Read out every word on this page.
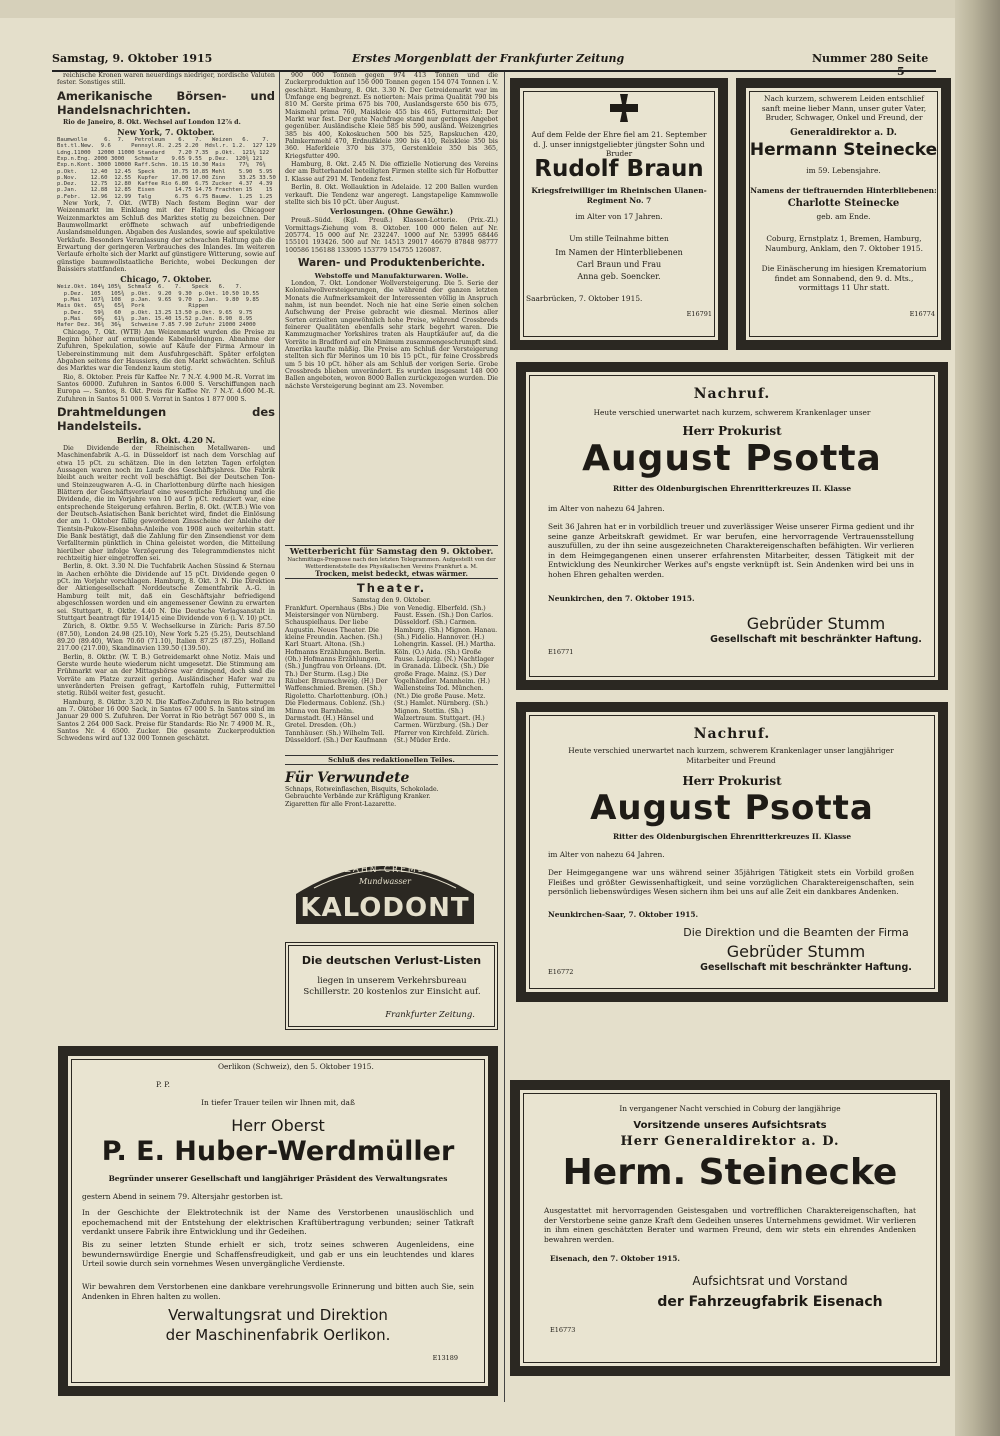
Samstag, 9. Oktober 1915	Erstes Morgenblatt der Frankfurter Zeitung	Nummer 280 Seite 5

reichische Kronen waren neuerdings niedriger, nordische Valuten fester. Sonstiges still.

Amerikanische Börsen- und Handelsnachrichten.

Rio de Janeiro, 8. Okt. Wechsel auf London 12⅞ d.

New York, 7. Oktober.
Baumwolle     6.  7.   Petroleum    6.   7.   Weizen   6.    7.
Bst.tl.New.  9.6      Pennsyl.R. 2.25 2.20  Hdsl.r. 1.2.  127 129
Ldng.11000  12000 11000 Standard    7.20 7.35  p.Okt.  121¼ 122
Exp.n.Eng. 2000 3000   Schmalz    9.65 9.55  p.Dez.  120¾ 121
Exp.n.Kont. 3000 10000 Raff.Schm. 10.15 10.30 Mais    77¼  76¾
p.Okt.    12.40  12.45  Speck     10.75 10.85 Mehl    5.90  5.95
p.Nov.    12.60  12.55  Kupfer    17.00 17.00 Zinn    33.25 33.50
p.Dez.    12.75  12.80  Kaffee Rio 6.80  6.75 Zucker  4.37  4.39
p.Jan.    12.88  12.85  Eisen      14.75 14.75 Frachten 15    15
p.Febr.   12.96  12.99  Talg       6.75  6.75 Baumw.  1.25  1.25

New York, 7. Okt. (WTB) Nach festem Beginn war der Weizenmarkt im Einklang mit der Haltung des Chicagoer Weizenmarktes am Schluß des Marktes stetig zu bezeichnen. Der Baumwollmarkt eröffnete schwach auf unbefriedigende Auslandsmeldungen. Abgaben des Auslandes, sowie auf spekulative Verkäufe. Besonders Veranlassung der schwachen Haltung gab die Erwartung der geringeren Verbrauches des Inlandes. Im weiteren Verlaufe erholte sich der Markt auf günstigere Witterung, sowie auf günstige baumwollstaatliche Berichte, wobei Deckungen der Baissiers stattfanden.

Chicago, 7. Oktober.
Weiz.Okt. 104¼ 105¼  Schmalz  6.   7.   Speck   6.   7.
p.Dez.  105   105¾  p.Okt.  9.20  9.30  p.Okt. 10.50 10.55
p.Mai   107¾  108   p.Jan.  9.65  9.70  p.Jan.  9.80  9.85
Mais Okt.  65¼   65¾  Pork             Rippen
p.Dez.   59¾   60   p.Okt. 13.25 13.50 p.Okt. 9.65  9.75
p.Mai    60⅞   61¼  p.Jan. 15.40 15.52 p.Jan. 8.90  8.95
Hafer Dez. 36¾  36⅞   Schweine 7.85 7.90 Zufuhr 21000 24000

Chicago, 7. Okt. (WTB) Am Weizenmarkt wurden die Preise zu Beginn höher auf ermutigende Kabelmeldungen. Abnahme der Zufuhren, Spekulation, sowie auf Käufe der Firma Armour in Uebereinstimmung mit dem Ausfuhrgeschäft. Später erfolgten Abgaben seitens der Haussiers, die den Markt schwächten. Schluß des Marktes war die Tendenz kaum stetig.

Rio, 8. Oktober. Preis für Kaffee Nr. 7 N.-Y. 4.900 M.-R. Vorrat im Santos 60000. Zufuhren in Santos 6.000 S. Verschiffungen nach Europa —. Santos, 8. Okt. Preis für Kaffee Nr. 7 N.-Y. 4.600 M.-R. Zufuhren in Santos 51 000 S. Vorrat in Santos 1 877 000 S.

Drahtmeldungen des Handelsteils.
Berlin, 8. Okt. 4.20 N.

Die Dividende der Rheinischen Metallwaren- und Maschinenfabrik A.-G. in Düsseldorf ist nach dem Vorschlag auf etwa 15 pCt. zu schätzen. Die in den letzten Tagen erfolgten Aussagen waren noch im Laufe des Geschäftsjahres. Die Fabrik bleibt auch weiter recht voll beschäftigt. Bei der Deutschen Ton- und Steinzeugwaren A.-G. in Charlottenburg dürfte nach hiesigen Blättern der Geschäftsverlauf eine wesentliche Erhöhung und die Dividende, die im Vorjahre von 10 auf 5 pCt. reduziert war, eine entsprechende Steigerung erfahren. Berlin, 8. Okt. (W.T.B.) Wie von der Deutsch-Asiatischen Bank berichtet wird, findet die Einlösung der am 1. Oktober fällig gewordenen Zinsscheine der Anleihe der Tientsin-Pukow-Eisenbahn-Anleihe von 1908 auch weiterhin statt. Die Bank bestätigt, daß die Zahlung für den Zinsendienst vor dem Verfalltermin pünktlich in China geleistet worden, die Mitteilung hierüber aber infolge Verzögerung des Telegrammdienstes nicht rechtzeitig hier eingetroffen sei.

Berlin, 8. Okt. 3.30 N. Die Tuchfabrik Aachen Süssind & Sternau in Aachen erhöhte die Dividende auf 15 pCt. Dividende gegen 0 pCt. im Vorjahr vorschlagen. Hamburg, 8. Okt. 3 N. Die Direktion der Aktiengesellschaft Norddeutsche Zementfabrik A.-G. in Hamburg teilt mit, daß ein Geschäftsjahr befriedigend abgeschlossen worden und ein angemessener Gewinn zu erwarten sei. Stuttgart, 8. Oktbr. 4.40 N. Die Deutsche Verlagsanstalt in Stuttgart beantragt für 1914/15 eine Dividende von 6 (i. V. 10) pCt.

Zürich, 8. Oktbr. 9.55 V. Wechselkurse in Zürich: Paris 87.50 (87.50), London 24.98 (25.10), New York 5.25 (5.25), Deutschland 89.20 (89.40), Wien 70.60 (71.10), Italien 87.25 (87.25), Holland 217.00 (217.00), Skandinavien 139.50 (139.50).

Berlin, 8. Oktbr. (W. T. B.) Getreidemarkt ohne Notiz. Mais und Gerste wurde heute wiederum nicht umgesetzt. Die Stimmung am Frühmarkt war an der Mittagsbörse war dringend, doch sind die Vorräte am Platze zurzeit gering. Ausländischer Hafer war zu unveränderten Preisen gefragt, Kartoffeln ruhig, Futtermittel stetig. Rüböl weiter fest, gesucht.

Hamburg, 8. Oktbr. 3.20 N. Die Kaffee-Zufuhren in Rio betrugen am 7. Oktober 16 000 Sack, in Santos 67 000 S. In Santos sind im Januar 29 000 S. Zufuhren. Der Vorrat in Rio beträgt 567 000 S., in Santos 2 264 000 Sack. Preise für Standards: Rio Nr. 7 4900 M. R., Santos Nr. 4 6500. Zucker. Die gesamte Zuckerproduktion Schwedens wird auf 132 000 Tonnen geschätzt.

900 000 Tonnen gegen 974 413 Tonnen und die Zuckerproduktion auf 156 000 Tonnen gegen 154 074 Tonnen i. V. geschätzt. Hamburg, 8. Okt. 3.30 N. Der Getreidemarkt war im Umfange eng begrenzt. Es notierten: Mais prima Qualität 790 bis 810 M. Gerste prima 675 bis 700, Auslandsgerste 650 bis 675, Maismehl prima 760, Maiskleie 455 bis 465, Futtermittel: Der Markt war fest. Der gute Nachfrage stand nur geringes Angebot gegenüber. Ausländische Kleie 585 bis 590, ausländ. Weizengries 385 bis 400, Kokoskuchen 500 bis 525, Rapskuchen 420, Palmkernmehl 470, Erdnußkleie 390 bis 410, Reiskleie 350 bis 360. Haferkleie 370 bis 375, Gerstenkleie 350 bis 365, Kriegsfutter 490.

Hamburg, 8. Okt. 2.45 N. Die offizielle Notierung des Vereins der am Butterhandel beteiligten Firmen stellte sich für Hofbutter I. Klasse auf 291 M. Tendenz fest.

Berlin, 8. Okt. Wollauktion in Adelaide. 12 200 Ballen wurden verkauft. Die Tendenz war angeregt. Langstapelige Kammwolle stellte sich bis 10 pCt. über August.

Verlosungen. (Ohne Gewähr.)

Preuß.-Südd. (Kgl. Preuß.) Klassen-Lotterie. (Prix.-Zl.) Vormittags-Ziehung vom 8. Oktober. 100 000 fielen auf Nr. 205774. 15 000 auf Nr. 232247. 1000 auf Nr. 53995 68446 155101 193426. 500 auf Nr. 14513 29017 46679 87848 98777 100586 156188 133095 153779 154755 126087.

Waren- und Produktenberichte.
Webstoffe und Manufakturwaren. Wolle.

London, 7. Okt. Londoner Wollversteigerung. Die 5. Serie der Kolonialwollversteigerungen, die während der ganzen letzten Monats die Aufmerksamkeit der Interessenten völlig in Anspruch nahm, ist nun beendet. Noch nie hat eine Serie einen solchen Aufschwung der Preise gebracht wie diesmal. Merinos aller Sorten erzielten ungewöhnlich hohe Preise, während Crossbreds feinerer Qualitäten ebenfalls sehr stark begehrt waren. Die Kammzugmacher Yorkshires traten als Hauptkäufer auf, da die Vorräte in Bradford auf ein Minimum zusammengeschrumpft sind. Amerika kaufte mäßig. Die Preise am Schluß der Versteigerung stellten sich für Merinos um 10 bis 15 pCt., für feine Crossbreds um 5 bis 10 pCt. höher als am Schluß der vorigen Serie. Grobe Crossbreds blieben unverändert. Es wurden insgesamt 148 000 Ballen angeboten, wovon 8000 Ballen zurückgezogen wurden. Die nächste Versteigerung beginnt am 23. November.

Wetterbericht für Samstag den 9. Oktober.
Nachmittags-Prognose nach den letzten Telegrammen. Aufgestellt von der Wetterdienststelle des Physikalischen Vereins Frankfurt a. M.
Trocken, meist bedeckt, etwas wärmer.
Theater.
Samstag den 9. Oktober.
Frankfurt. Opernhaus (Bbs.) Die Meistersinger von Nürnberg. Schauspielhaus. Der liebe Augustin. Neues Theater. Die kleine Freundin. Aachen. (Sh.) Karl Stuart. Altona. (Sh.) Hofmanns Erzählungen. Berlin. (Oh.) Hofmanns Erzählungen. (Sh.) Jungfrau von Orleans. (Dt. Th.) Der Sturm. (Lsg.) Die Räuber. Braunschweig. (H.) Der Waffenschmied. Bremen. (Sh.) Rigoletto. Charlottenburg. (Oh.) Die Fledermaus. Coblenz. (Sh.) Minna von Barnhelm. Darmstadt. (H.) Hänsel und Gretel. Dresden. (Oh.) Tannhäuser. (Sh.) Wilhelm Tell. Düsseldorf. (Sh.) Der Kaufmann von Venedig. Elberfeld. (Sh.) Faust. Essen. (Sh.) Don Carlos. Düsseldorf. (Sh.) Carmen. Hamburg. (Sh.) Mignon. Hanau. (Sh.) Fidelio. Hannover. (H.) Lohengrin. Kassel. (H.) Martha. Köln. (O.) Aida. (Sh.) Große Pause. Leipzig. (N.) Nachtlager in Granada. Lübeck. (Sh.) Die große Frage. Mainz. (S.) Der Vogelhändler. Mannheim. (H.) Wallensteins Tod. München. (Nt.) Die große Pause. Metz. (St.) Hamlet. Nürnberg. (Sh.) Mignon. Stettin. (Sh.) Walzertraum. Stuttgart. (H.) Carmen. Würzburg. (Sh.) Der Pfarrer von Kirchfeld. Zürich. (St.) Müder Erde.
Schluß des redaktionellen Teiles.
Für Verwundete
Schnaps, Rotweinflaschen, Bisquits, Schokolade. Gebrauchte Verbände zur Kräftigung Kranker. Zigaretten für alle Front-Lazarette.
ZAHN-CREME
Mundwasser
KALODONT
Die deutschen Verlust-Listen
liegen in unserem Verkehrsbureau Schillerstr. 20 kostenlos zur Einsicht auf.
Frankfurter Zeitung.
Auf dem Felde der Ehre fiel am 21. September d. J. unser innigstgeliebter jüngster Sohn und Bruder
Rudolf Braun
Kriegsfreiwilliger im Rheinischen Ulanen-Regiment No. 7
im Alter von 17 Jahren.
Um stille Teilnahme bitten
Im Namen der Hinterbliebenen
Carl Braun und Frau
Anna geb. Soencker.
Saarbrücken, 7. Oktober 1915.
E16791
Nach kurzem, schwerem Leiden entschlief sanft meine lieber Mann, unser guter Vater, Bruder, Schwager, Onkel und Freund, der
Generaldirektor a. D.
Hermann Steinecke
im 59. Lebensjahre.
Namens der tieftrauernden Hinterbliebenen:
Charlotte Steinecke
geb. am Ende.
Coburg, Ernstplatz 1, Bremen, Hamburg, Naumburg, Anklam, den 7. Oktober 1915.
Die Einäscherung im hiesigen Krematorium findet am Sonnabend, den 9. d. Mts., vormittags 11 Uhr statt.
E16774
Nachruf.
Heute verschied unerwartet nach kurzem, schwerem Krankenlager unser
Herr Prokurist
August Psotta
Ritter des Oldenburgischen Ehrenritterkreuzes II. Klasse
im Alter von nahezu 64 Jahren.
Seit 36 Jahren hat er in vorbildlich treuer und zuverlässiger Weise unserer Firma gedient und ihr seine ganze Arbeitskraft gewidmet. Er war berufen, eine hervorragende Vertrauensstellung auszufüllen, zu der ihn seine ausgezeichneten Charaktereigenschaften befähigten. Wir verlieren in dem Heimgegangenen einen unserer erfahrensten Mitarbeiter, dessen Tätigkeit mit der Entwicklung des Neunkircher Werkes auf's engste verknüpft ist. Sein Andenken wird bei uns in hohen Ehren gehalten werden.
Neunkirchen, den 7. Oktober 1915.
Gebrüder Stumm
Gesellschaft mit beschränkter Haftung.
E16771
Nachruf.
Heute verschied unerwartet nach kurzem, schwerem Krankenlager unser langjähriger Mitarbeiter und Freund
Herr Prokurist
August Psotta
Ritter des Oldenburgischen Ehrenritterkreuzes II. Klasse
im Alter von nahezu 64 Jahren.
Der Heimgegangene war uns während seiner 35jährigen Tätigkeit stets ein Vorbild großen Fleißes und größter Gewissenhaftigkeit, und seine vorzüglichen Charaktereigenschaften, sein persönlich liebenswürdiges Wesen sichern ihm bei uns auf alle Zeit ein dankbares Andenken.
Neunkirchen-Saar, 7. Oktober 1915.
Die Direktion und die Beamten der Firma
Gebrüder Stumm
Gesellschaft mit beschränkter Haftung.
E16772
Oerlikon (Schweiz), den 5. Oktober 1915.
P. P.
In tiefer Trauer teilen wir Ihnen mit, daß
Herr Oberst
P. E. Huber-Werdmüller
Begründer unserer Gesellschaft und langjähriger Präsident des Verwaltungsrates
gestern Abend in seinem 79. Altersjahr gestorben ist.
In der Geschichte der Elektrotechnik ist der Name des Verstorbenen unauslöschlich und epochemachend mit der Entstehung der elektrischen Kraftübertragung verbunden; seiner Tatkraft verdankt unsere Fabrik ihre Entwicklung und ihr Gedeihen.
Bis zu seiner letzten Stunde erhielt er sich, trotz seines schweren Augenleidens, eine bewundernswürdige Energie und Schaffensfreudigkeit, und gab er uns ein leuchtendes und klares Urteil sowie durch sein vornehmes Wesen unvergängliche Verdienste.
Wir bewahren dem Verstorbenen eine dankbare verehrungsvolle Erinnerung und bitten auch Sie, sein Andenken in Ehren halten zu wollen.
Verwaltungsrat und Direktion
der Maschinenfabrik Oerlikon.
E13189
In vergangener Nacht verschied in Coburg der langjährige
Vorsitzende unseres Aufsichtsrats
Herr Generaldirektor a. D.
Herm. Steinecke
Ausgestattet mit hervorragenden Geistesgaben und vortrefflichen Charaktereigenschaften, hat der Verstorbene seine ganze Kraft dem Gedeihen unseres Unternehmens gewidmet. Wir verlieren in ihm einen geschätzten Berater und warmen Freund, dem wir stets ein ehrendes Andenken bewahren werden.
Eisenach, den 7. Oktober 1915.
Aufsichtsrat und Vorstand
der Fahrzeugfabrik Eisenach
E16773
